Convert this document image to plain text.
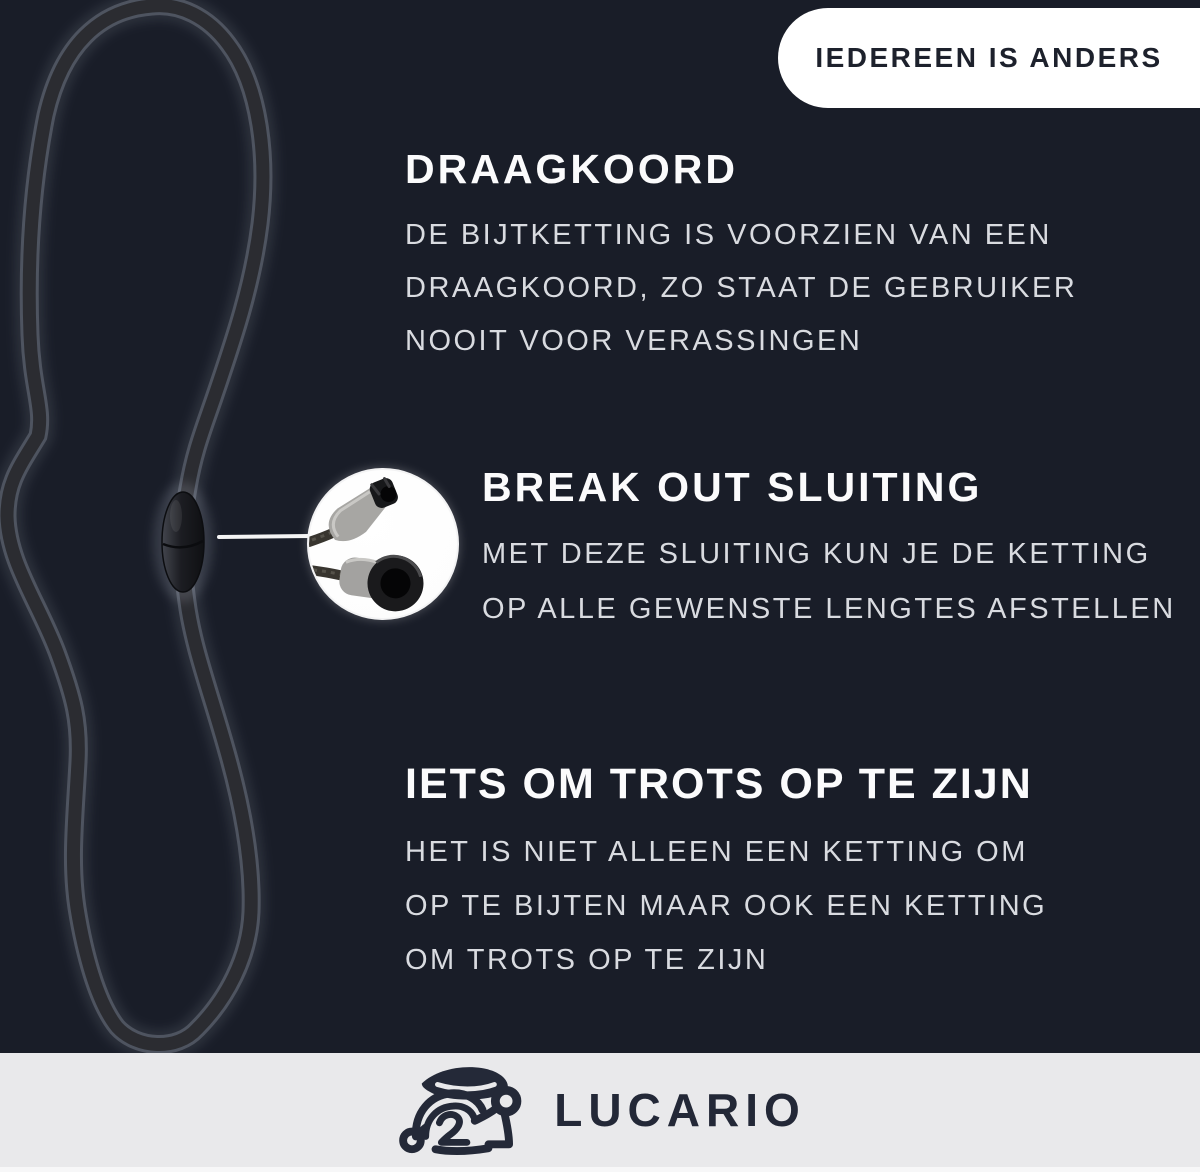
IEDEREEN IS ANDERS
DRAAGKOORD
DE BIJTKETTING IS VOORZIEN VAN EEN
DRAAGKOORD, ZO STAAT DE GEBRUIKER
NOOIT VOOR VERASSINGEN
BREAK OUT SLUITING
MET DEZE SLUITING KUN JE DE KETTING
OP ALLE GEWENSTE LENGTES AFSTELLEN
IETS OM TROTS OP TE ZIJN
HET IS NIET ALLEEN EEN KETTING OM
OP TE BIJTEN MAAR OOK EEN KETTING
OM TROTS OP TE ZIJN
LUCARIO
